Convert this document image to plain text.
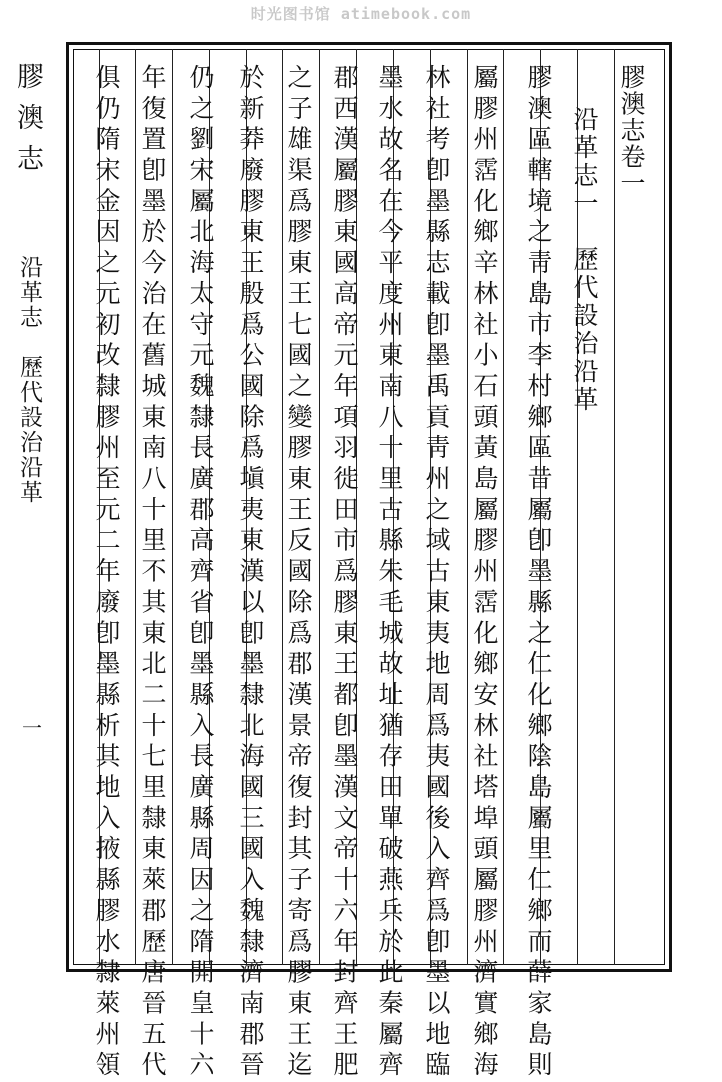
时光图书馆 atimebook.com
膠澳志
沿革志　歷代設治沿革
一
膠澳志卷一
沿革志一　歷代設治沿革
膠澳區轄境之靑島市李村鄉區昔屬卽墨縣之仁化鄉陰島屬里仁鄉而薛家島則
屬膠州霑化鄉辛林社小石頭黃島屬膠州霑化鄉安林社塔埠頭屬膠州濟實鄉海
林社考卽墨縣志載卽墨禹貢靑州之域古東夷地周爲夷國後入齊爲卽墨以地臨
墨水故名在今平度州東南八十里古縣朱毛城故址猶存田單破燕兵於此秦屬齊
郡西漢屬膠東國高帝元年項羽徙田市爲膠東王都卽墨漢文帝十六年封齊王肥
之子雄渠爲膠東王七國之變膠東王反國除爲郡漢景帝復封其子寄爲膠東王迄
於新莽廢膠東王殷爲公國除爲塡夷東漢以卽墨隸北海國三國入魏隸濟南郡晉
仍之劉宋屬北海太守元魏隸長廣郡高齊省卽墨縣入長廣縣周因之隋開皇十六
年復置卽墨於今治在舊城東南八十里不其東北二十七里隸東萊郡歷唐晉五代
俱仍隋宋金因之元初改隸膠州至元二年廢卽墨縣析其地入掖縣膠水隸萊州領
